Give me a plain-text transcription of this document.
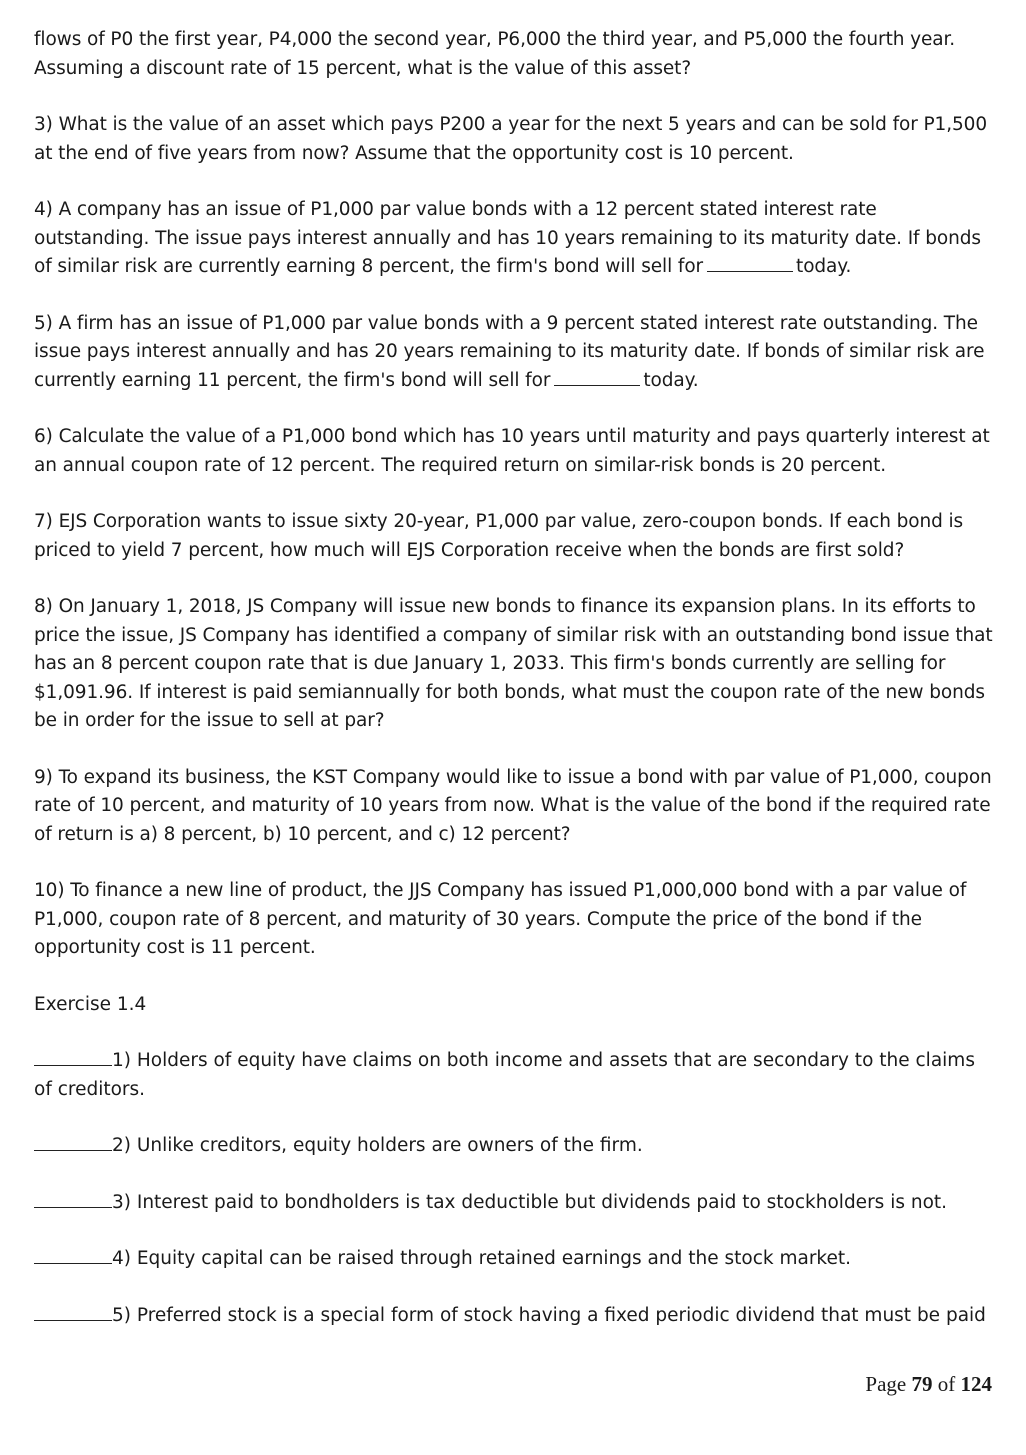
flows of P0 the first year, P4,000 the second year, P6,000 the third year, and P5,000 the fourth year. Assuming a discount rate of 15 percent, what is the value of this asset?

3) What is the value of an asset which pays P200 a year for the next 5 years and can be sold for P1,500 at the end of five years from now? Assume that the opportunity cost is 10 percent.

4) A company has an issue of P1,000 par value bonds with a 12 percent stated interest rate outstanding. The issue pays interest annually and has 10 years remaining to its maturity date. If bonds of similar risk are currently earning 8 percent, the firm's bond will sell for	today.

5) A firm has an issue of P1,000 par value bonds with a 9 percent stated interest rate outstanding. The issue pays interest annually and has 20 years remaining to its maturity date. If bonds of similar risk are currently earning 11 percent, the firm's bond will sell for	today.

6) Calculate the value of a P1,000 bond which has 10 years until maturity and pays quarterly interest at an annual coupon rate of 12 percent. The required return on similar-risk bonds is 20 percent.

7) EJS Corporation wants to issue sixty 20-year, P1,000 par value, zero-coupon bonds. If each bond is priced to yield 7 percent, how much will EJS Corporation receive when the bonds are first sold?

8) On January 1, 2018, JS Company will issue new bonds to finance its expansion plans. In its efforts to price the issue, JS Company has identified a company of similar risk with an outstanding bond issue that has an 8 percent coupon rate that is due January 1, 2033. This firm's bonds currently are selling for $1,091.96. If interest is paid semiannually for both bonds, what must the coupon rate of the new bonds be in order for the issue to sell at par?

9) To expand its business, the KST Company would like to issue a bond with par value of P1,000, coupon rate of 10 percent, and maturity of 10 years from now. What is the value of the bond if the required rate of return is a) 8 percent, b) 10 percent, and c) 12 percent?

10) To finance a new line of product, the JJS Company has issued P1,000,000 bond with a par value of P1,000, coupon rate of 8 percent, and maturity of 30 years. Compute the price of the bond if the opportunity cost is 11 percent.

Exercise 1.4

1) Holders of equity have claims on both income and assets that are secondary to the claims of creditors.

2) Unlike creditors, equity holders are owners of the firm.

3) Interest paid to bondholders is tax deductible but dividends paid to stockholders is not.

4) Equity capital can be raised through retained earnings and the stock market.

5) Preferred stock is a special form of stock having a fixed periodic dividend that must be paid

Page 79 of 124
